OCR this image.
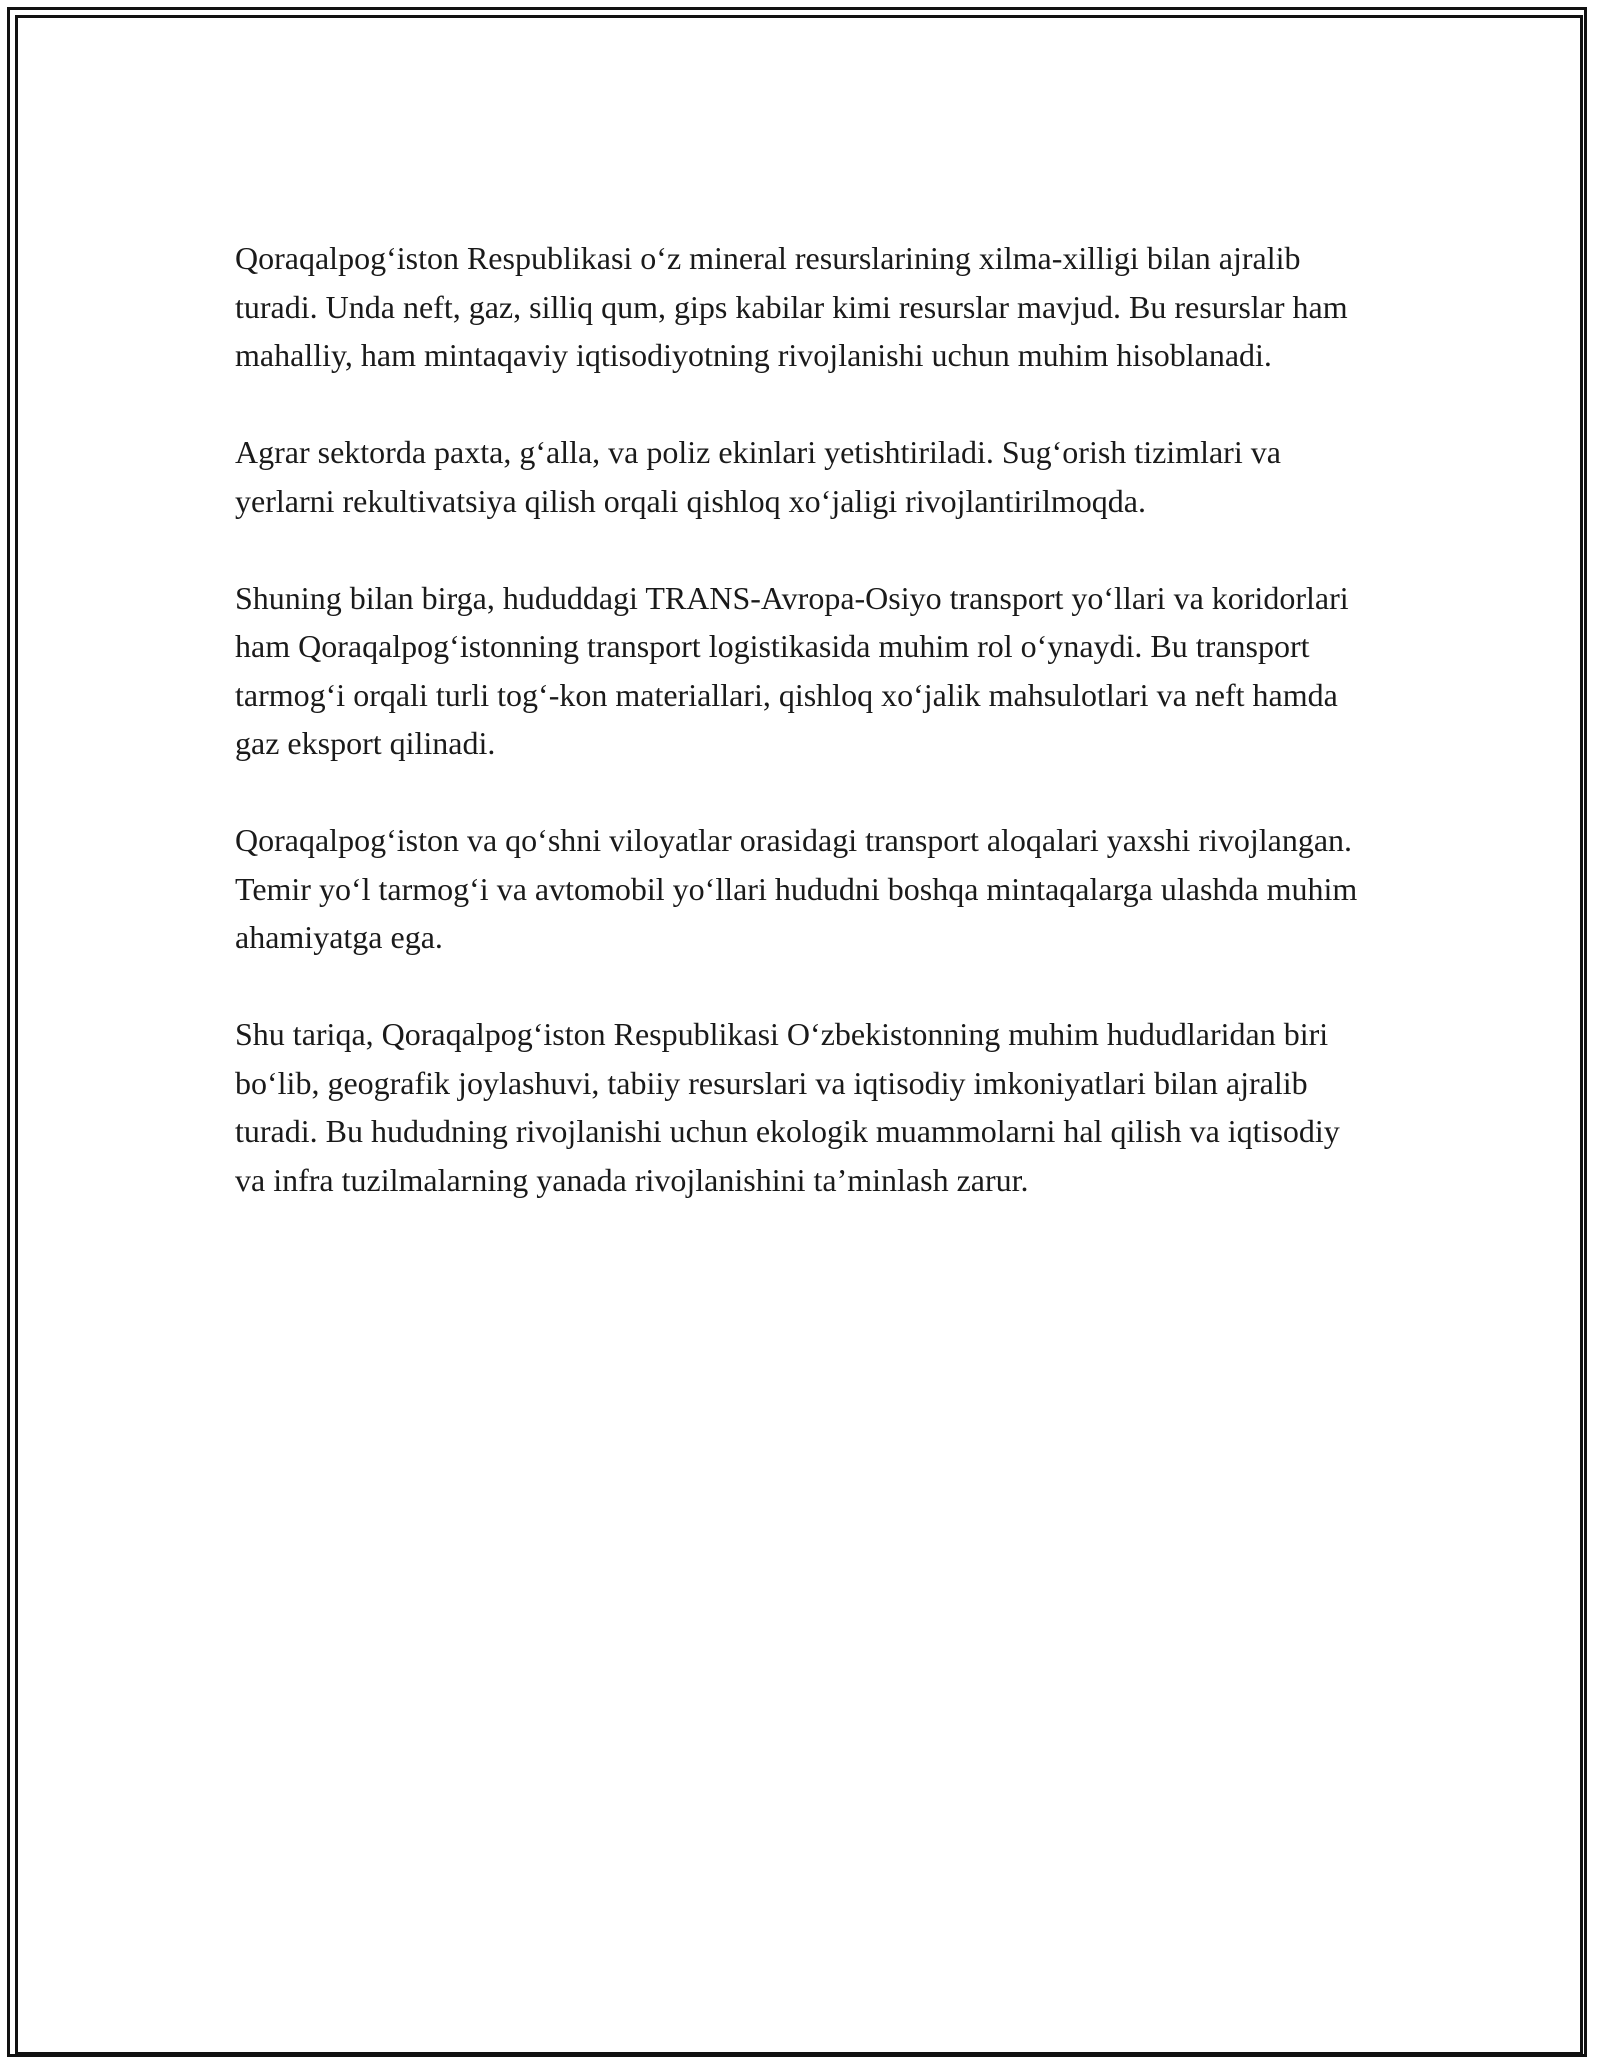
Qoraqalpog‘iston Respublikasi o‘z mineral resurslarining xilma-xilligi bilan ajralib turadi. Unda neft, gaz, silliq qum, gips kabilar kimi resurslar mavjud. Bu resurslar ham mahalliy, ham mintaqaviy iqtisodiyotning rivojlanishi uchun muhim hisoblanadi.

Agrar sektorda paxta, g‘alla, va poliz ekinlari yetishtiriladi. Sug‘orish tizimlari va yerlarni rekultivatsiya qilish orqali qishloq xo‘jaligi rivojlantirilmoqda.

Shuning bilan birga, hududdagi TRANS-Avropa-Osiyo transport yo‘llari va koridorlari ham Qoraqalpog‘istonning transport logistikasida muhim rol o‘ynaydi. Bu transport tarmog‘i orqali turli tog‘-kon materiallari, qishloq xo‘jalik mahsulotlari va neft hamda gaz eksport qilinadi.

Qoraqalpog‘iston va qo‘shni viloyatlar orasidagi transport aloqalari yaxshi rivojlangan. Temir yo‘l tarmog‘i va avtomobil yo‘llari hududni boshqa mintaqalarga ulashda muhim ahamiyatga ega.

Shu tariqa, Qoraqalpog‘iston Respublikasi O‘zbekistonning muhim hududlaridan biri bo‘lib, geografik joylashuvi, tabiiy resurslari va iqtisodiy imkoniyatlari bilan ajralib turadi. Bu hududning rivojlanishi uchun ekologik muammolarni hal qilish va iqtisodiy va infra tuzilmalarning yanada rivojlanishini ta’minlash zarur.
